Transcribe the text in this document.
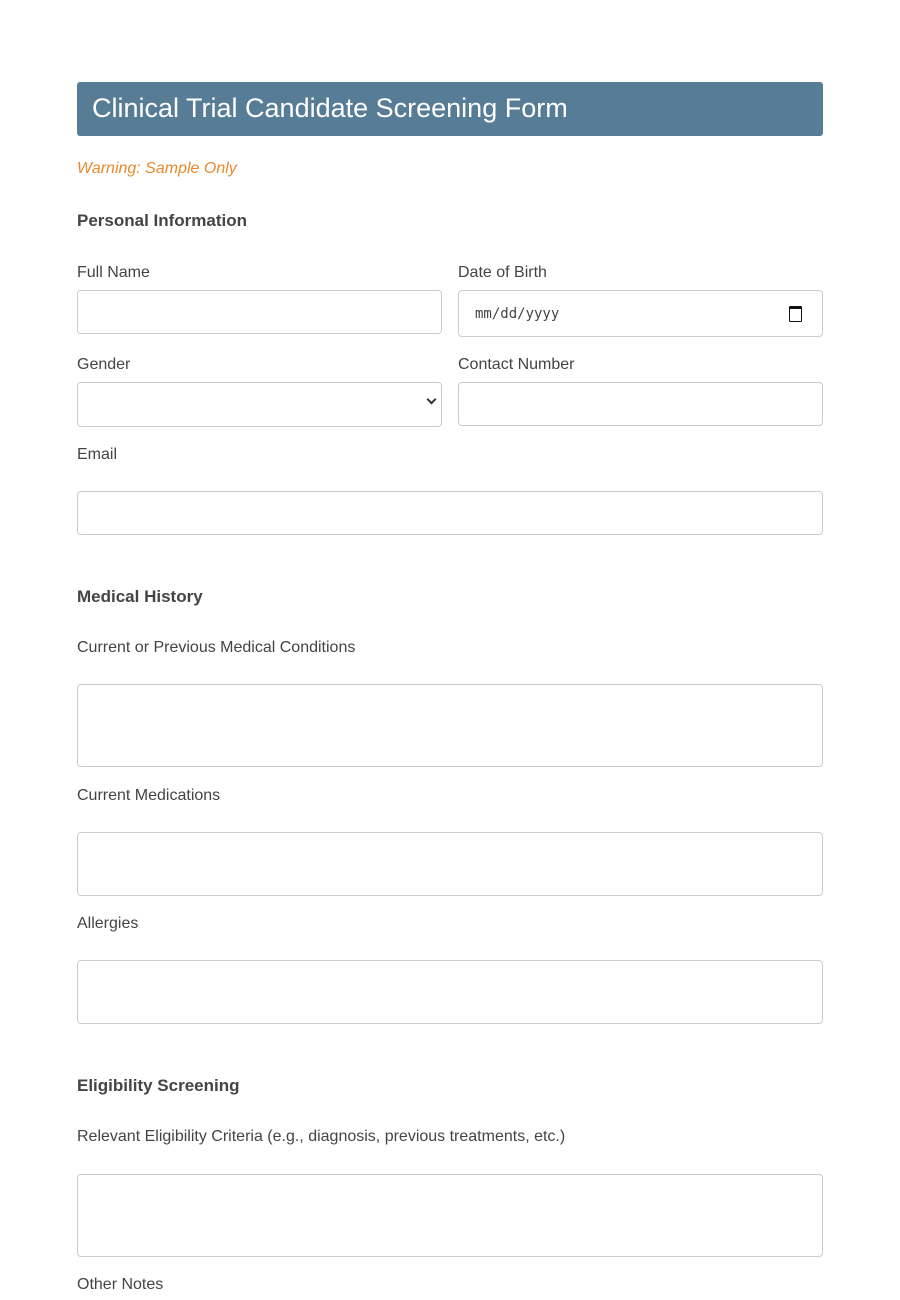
Clinical Trial Candidate Screening Form
Warning: Sample Only
Personal Information
Full Name	Date of Birth
mm/dd/yyyy
Gender	Contact Number
Email
Medical History
Current or Previous Medical Conditions
Current Medications
Allergies
Eligibility Screening
Relevant Eligibility Criteria (e.g., diagnosis, previous treatments, etc.)
Other Notes
